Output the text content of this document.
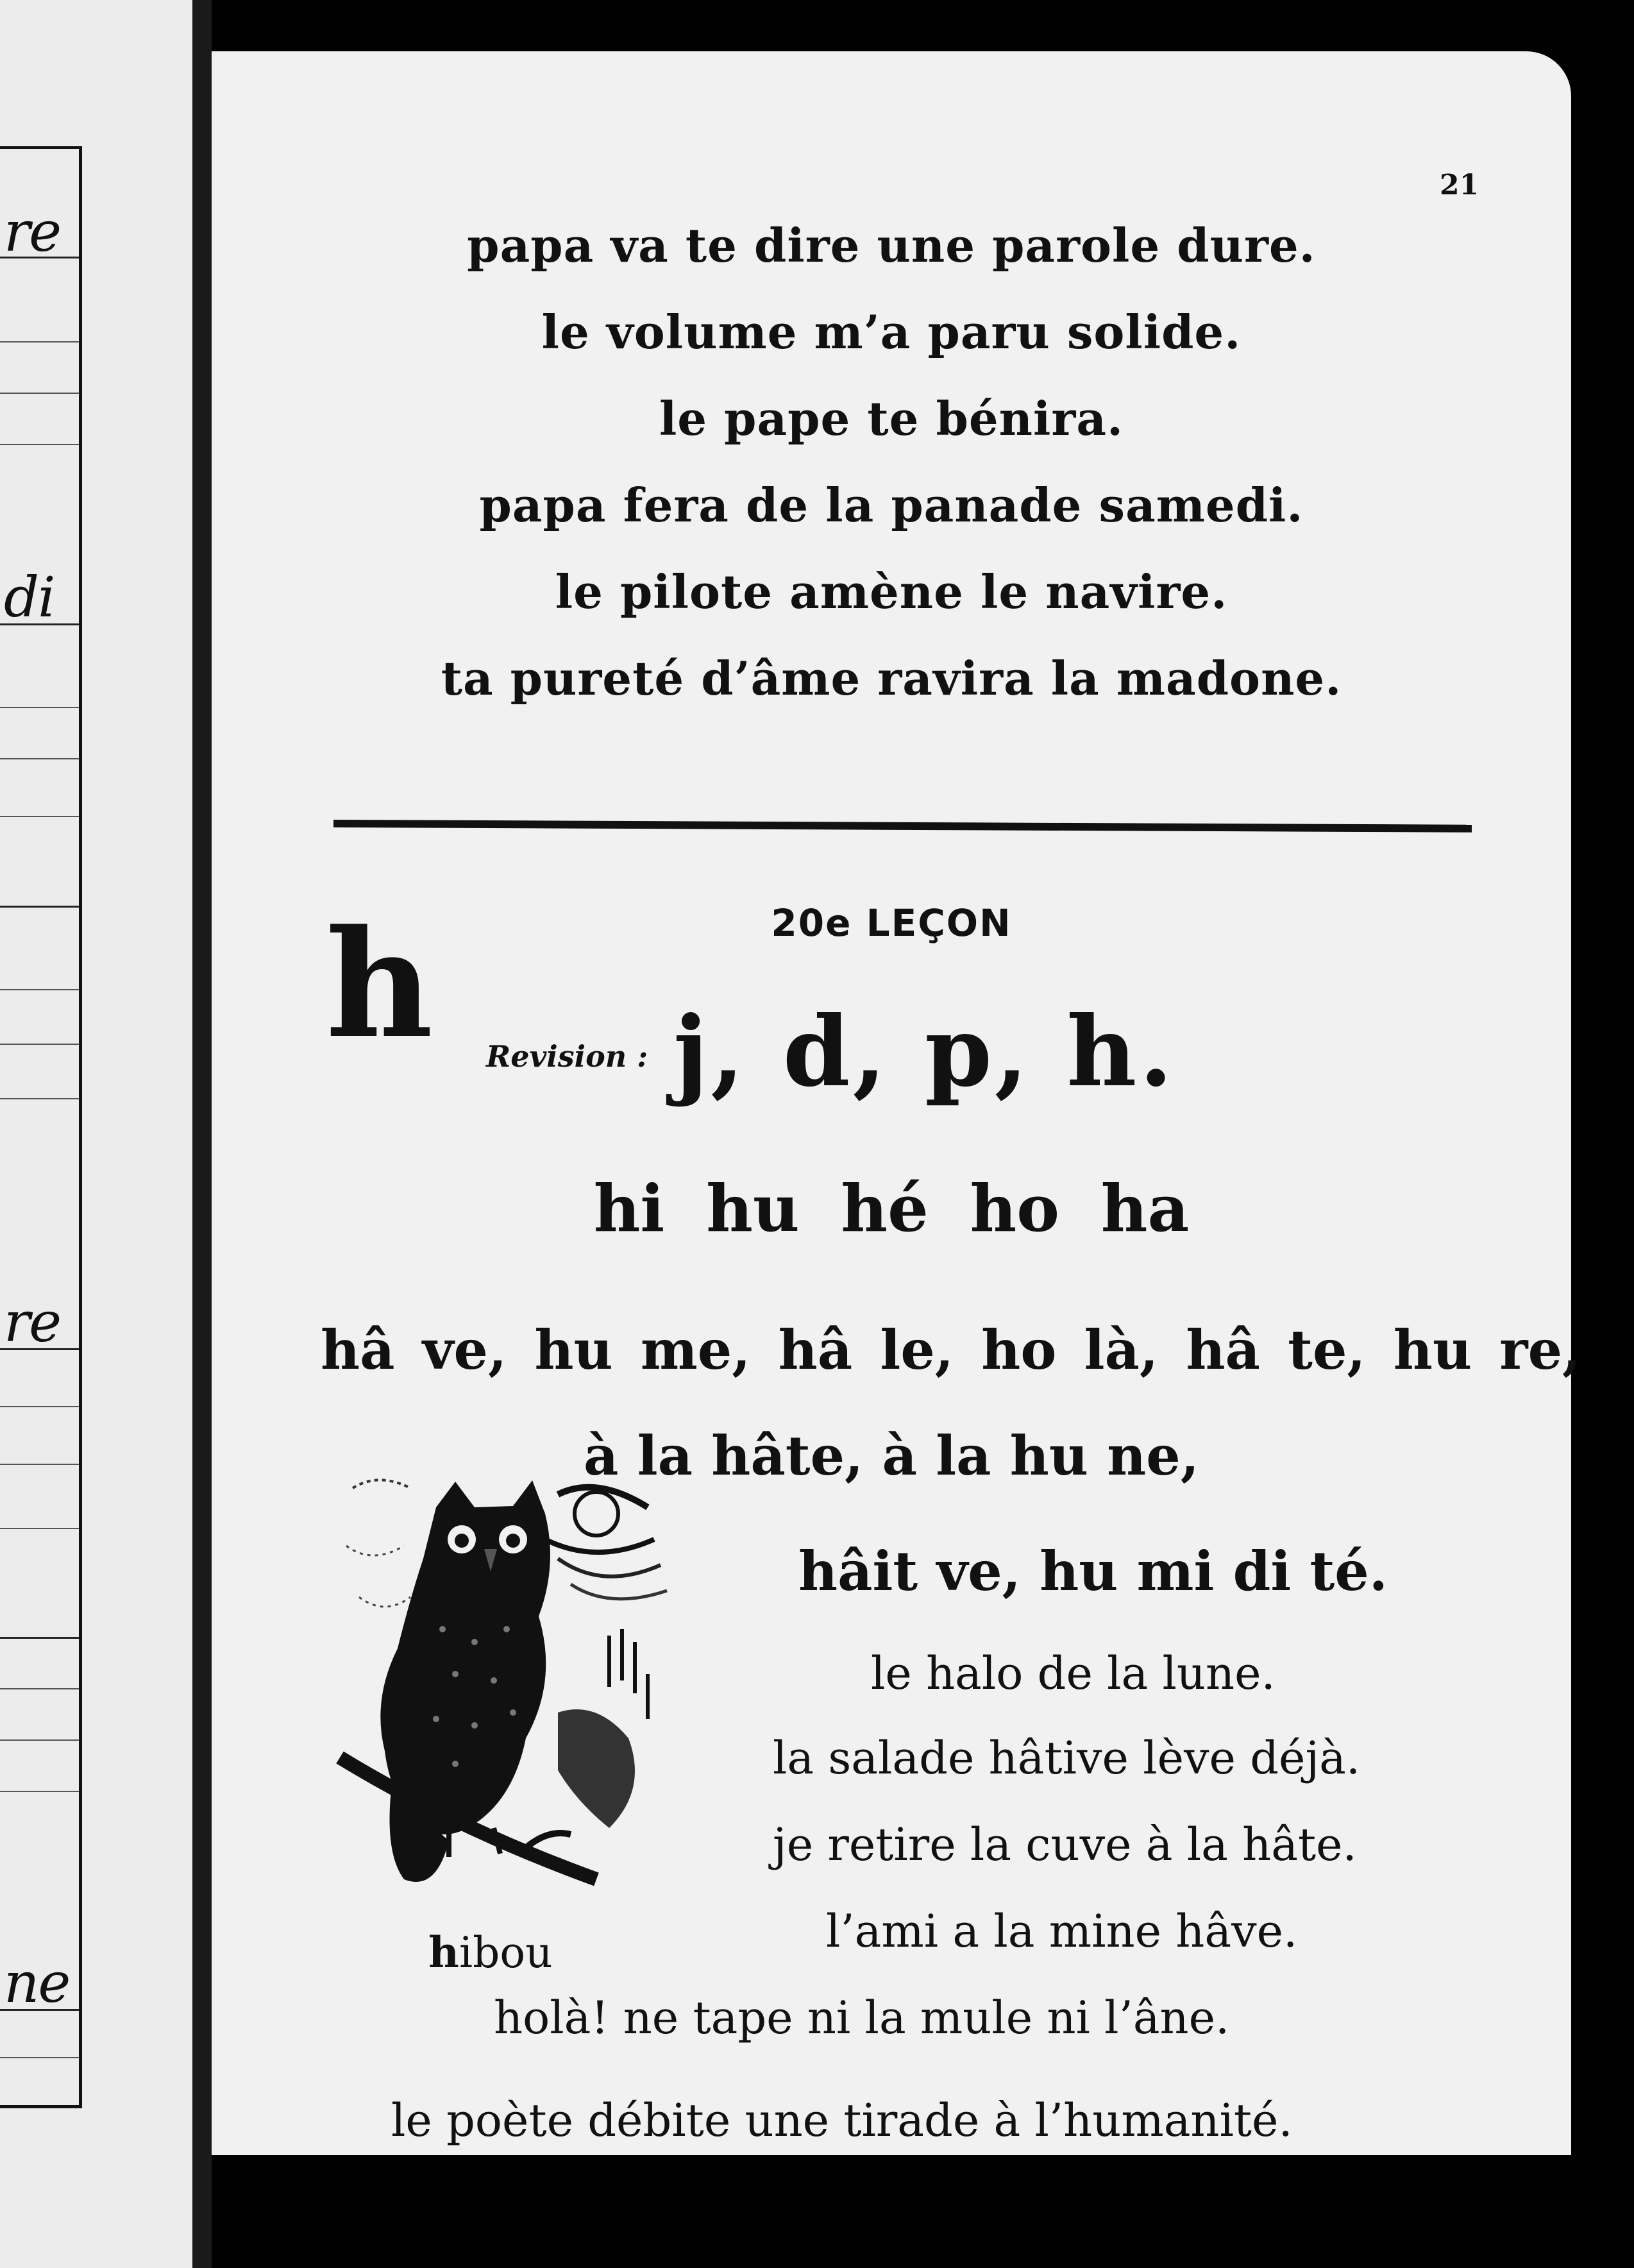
re
di
re
ne
21
papa va te dire une parole dure.
le volume m’a paru solide.
le pape te bénira.
papa fera de la panade samedi.
le pilote amène le navire.
ta pureté d’âme ravira la madone.
20e LEÇON
h Revision : j, d, p, h.
hi hu hé ho ha
hâ ve, hu me, hâ le, ho là, hâ te, hu re,
à la hâte, à la hu ne,
hâit ve, hu mi di té.
hibou
le halo de la lune.
la salade hâtive lève déjà.
je retire la cuve à la hâte.
l’ami a la mine hâve.
holà! ne tape ni la mule ni l’âne.
le poète débite une tirade à l’humanité.
